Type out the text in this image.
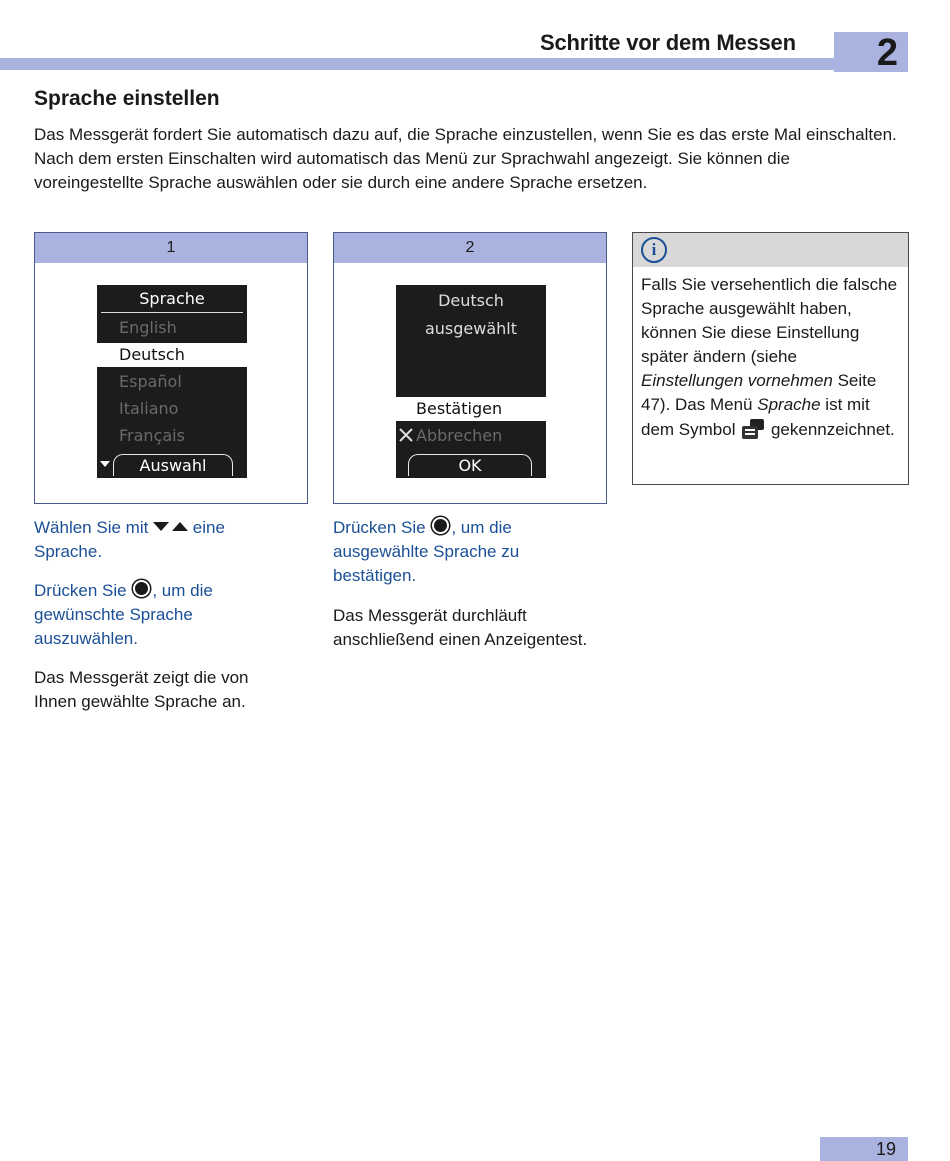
Schritte vor dem Messen	2
Sprache einstellen

Das Messgerät fordert Sie automatisch dazu auf, die Sprache einzustellen, wenn Sie es das erste Mal einschalten. Nach dem ersten Einschalten wird automatisch das Menü zur Sprachwahl angezeigt. Sie können die voreingestellte Sprache auswählen oder sie durch eine andere Sprache ersetzen.

1
Sprache
English
Deutsch
Español
Italiano
Français
Auswahl
2
Deutsch
ausgewählt
Bestätigen
Abbrechen
OK

Wählen Sie mit	eine Sprache.

Drücken Sie , um die gewünschte Sprache auszuwählen.

Das Messgerät zeigt die von Ihnen gewählte Sprache an.

Drücken Sie , um die ausgewählte Sprache zu bestätigen.

Das Messgerät durchläuft anschließend einen Anzeigentest.

i

Falls Sie versehentlich die falsche Sprache ausgewählt haben, können Sie diese Einstellung später ändern (siehe Einstellungen vornehmen Seite 47). Das Menü Sprache ist mit dem Symbol gekennzeichnet.

19
